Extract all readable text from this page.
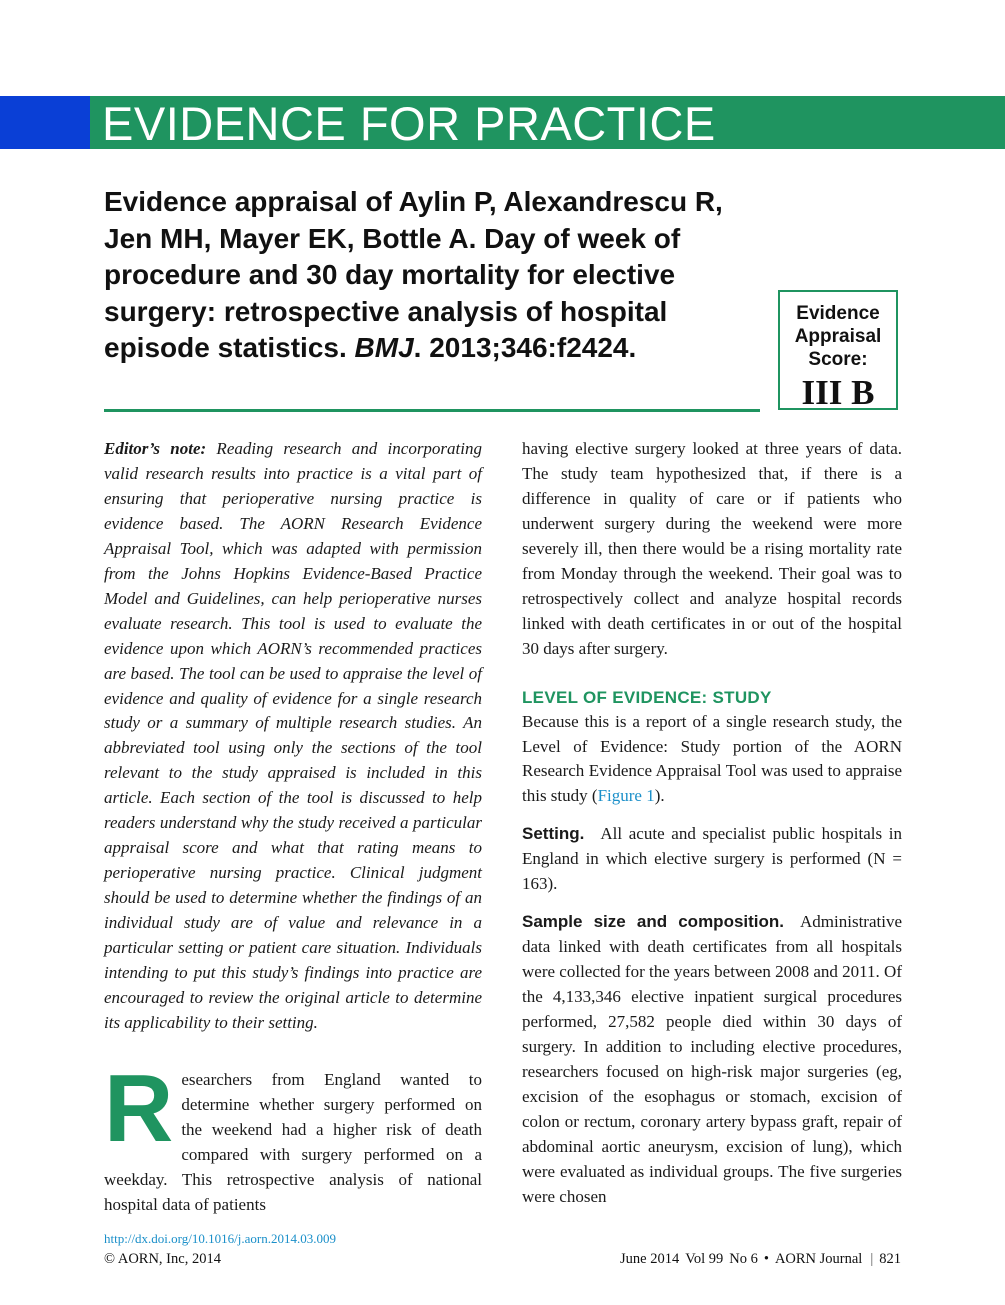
EVIDENCE FOR PRACTICE
Evidence appraisal of Aylin P, Alexandrescu R, Jen MH, Mayer EK, Bottle A. Day of week of procedure and 30 day mortality for elective surgery: retrospective analysis of hospital episode statistics. BMJ. 2013;346:f2424.
Evidence Appraisal Score:
III B

Editor’s note: Reading research and incorporating valid research results into practice is a vital part of ensuring that perioperative nursing practice is evidence based. The AORN Research Evidence Appraisal Tool, which was adapted with permission from the Johns Hopkins Evidence-Based Practice Model and Guidelines, can help perioperative nurses evaluate research. This tool is used to evaluate the evidence upon which AORN’s recommended practices are based. The tool can be used to appraise the level of evidence and quality of evidence for a single research study or a summary of multiple research studies. An abbreviated tool using only the sections of the tool relevant to the study appraised is included in this article. Each section of the tool is discussed to help readers understand why the study received a particular appraisal score and what that rating means to perioperative nursing practice. Clinical judgment should be used to determine whether the findings of an individual study are of value and relevance in a particular setting or patient care situation. Individuals intending to put this study’s findings into practice are encouraged to review the original article to determine its applicability to their setting.

Researchers from England wanted to determine whether surgery performed on the weekend had a higher risk of death compared with surgery performed on a weekday. This retrospective analysis of national hospital data of patients

having elective surgery looked at three years of data. The study team hypothesized that, if there is a difference in quality of care or if patients who underwent surgery during the weekend were more severely ill, then there would be a rising mortality rate from Monday through the weekend. Their goal was to retrospectively collect and analyze hospital records linked with death certificates in or out of the hospital 30 days after surgery.

LEVEL OF EVIDENCE: STUDY

Because this is a report of a single research study, the Level of Evidence: Study portion of the AORN Research Evidence Appraisal Tool was used to appraise this study (Figure 1).

Setting. All acute and specialist public hospitals in England in which elective surgery is performed (N = 163).

Sample size and composition. Administrative data linked with death certificates from all hospitals were collected for the years between 2008 and 2011. Of the 4,133,346 elective inpatient surgical procedures performed, 27,582 people died within 30 days of surgery. In addition to including elective procedures, researchers focused on high-risk major surgeries (eg, excision of the esophagus or stomach, excision of colon or rectum, coronary artery bypass graft, repair of abdominal aortic aneurysm, excision of lung), which were evaluated as individual groups. The five surgeries were chosen

http://dx.doi.org/10.1016/j.aorn.2014.03.009
© AORN, Inc, 2014	June 2014 Vol 99 No 6 • AORN Journal | 821
